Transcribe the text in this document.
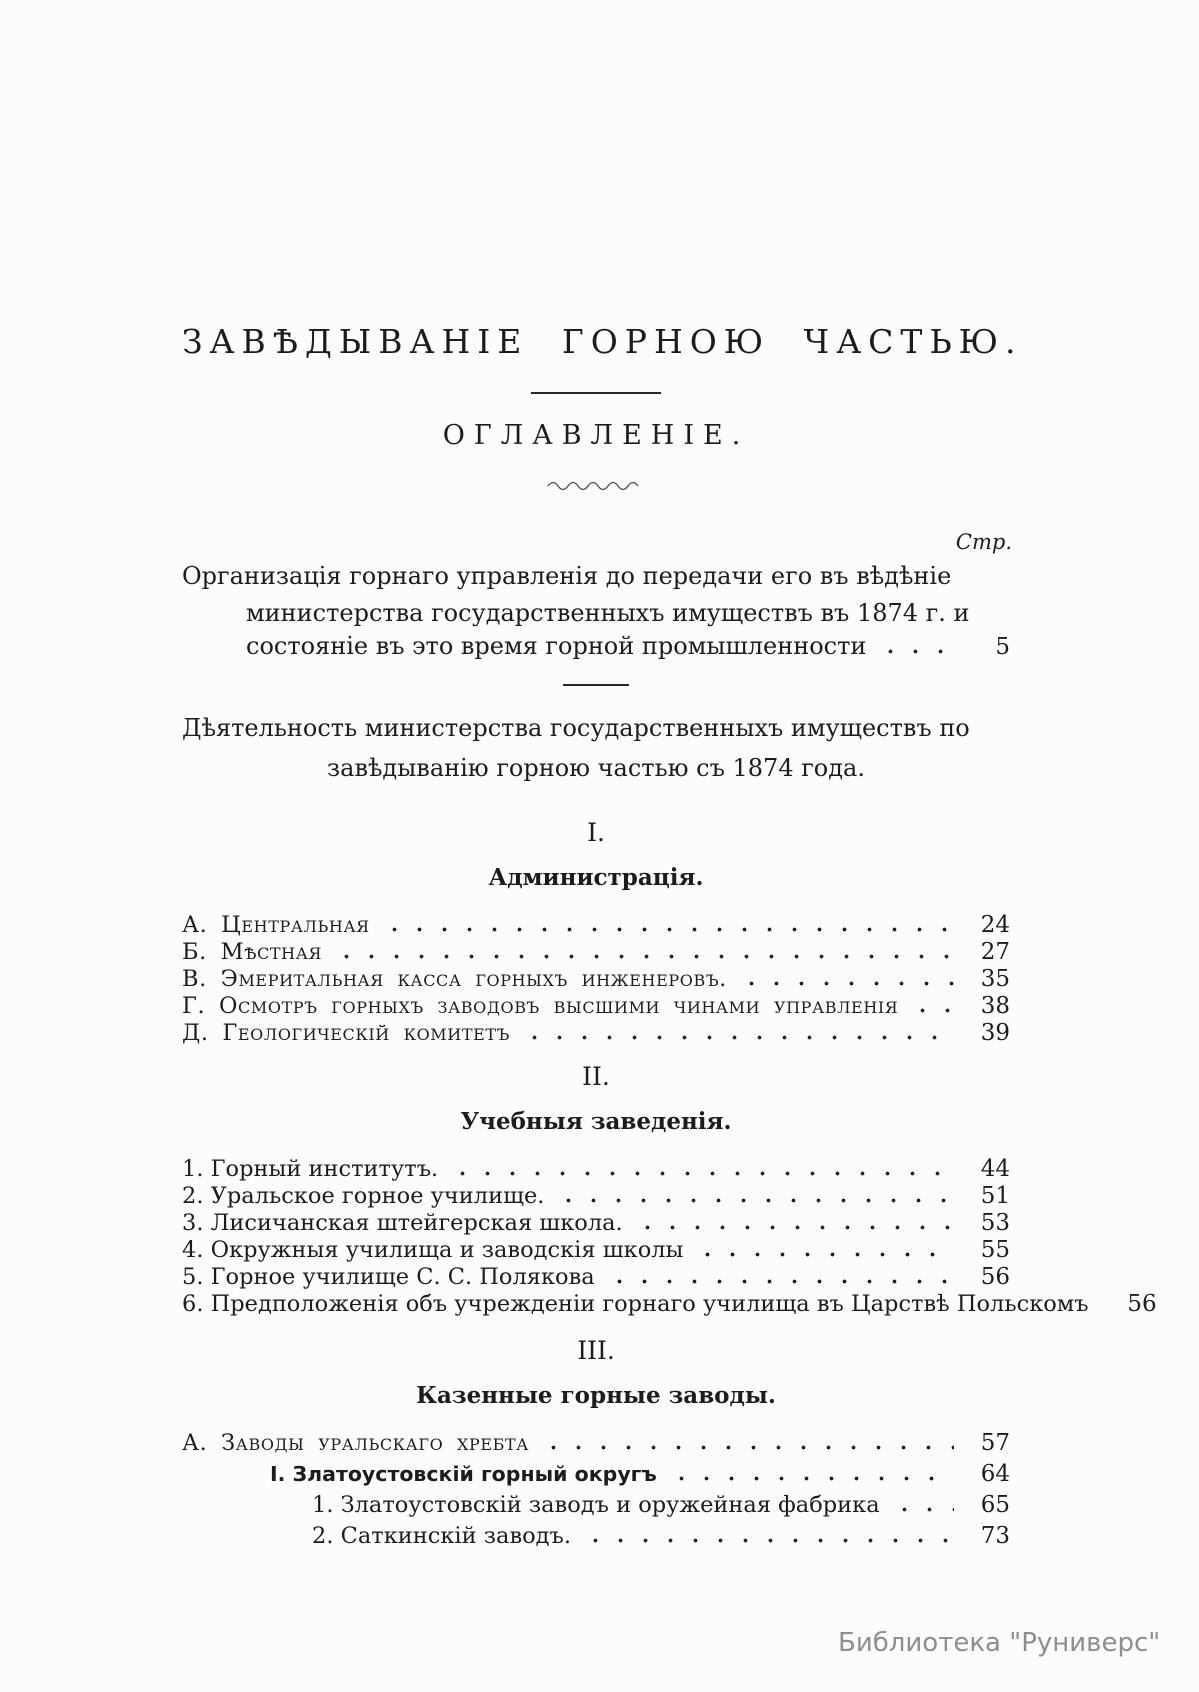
ЗАВѢДЫВАНІЕ ГОРНОЮ ЧАСТЬЮ.
ОГЛАВЛЕНІЕ.
Стр.
Организація горнаго управленія до передачи его въ вѣдѣніе
министерства государственныхъ имуществъ въ 1874 г. и
состояніе въ это время горной промышленности	5
Дѣятельность министерства государственныхъ имуществъ по
завѣдыванію горною частью съ 1874 года.
I.
Администрація.
А. Центральная	24
Б. Мѣстная	27
В. Эмеритальная касса горныхъ инженеровъ.	35
Г. Осмотръ горныхъ заводовъ высшими чинами управленія	38
Д. Геологическій комитетъ	39
II.
Учебныя заведенія.
1. Горный институтъ.	44
2. Уральское горное училище.	51
3. Лисичанская штейгерская школа.	53
4. Окружныя училища и заводскія школы	55
5. Горное училище С. С. Полякова	56
6. Предположенія объ учрежденіи горнаго училища въ Царствѣ Польскомъ	56
III.
Казенные горные заводы.
А. Заводы уральскаго хребта	57
I. Златоустовскій горный округъ	64
1. Златоустовскій заводъ и оружейная фабрика	65
2. Саткинскій заводъ.	73
Библиотека "Руниверс"
